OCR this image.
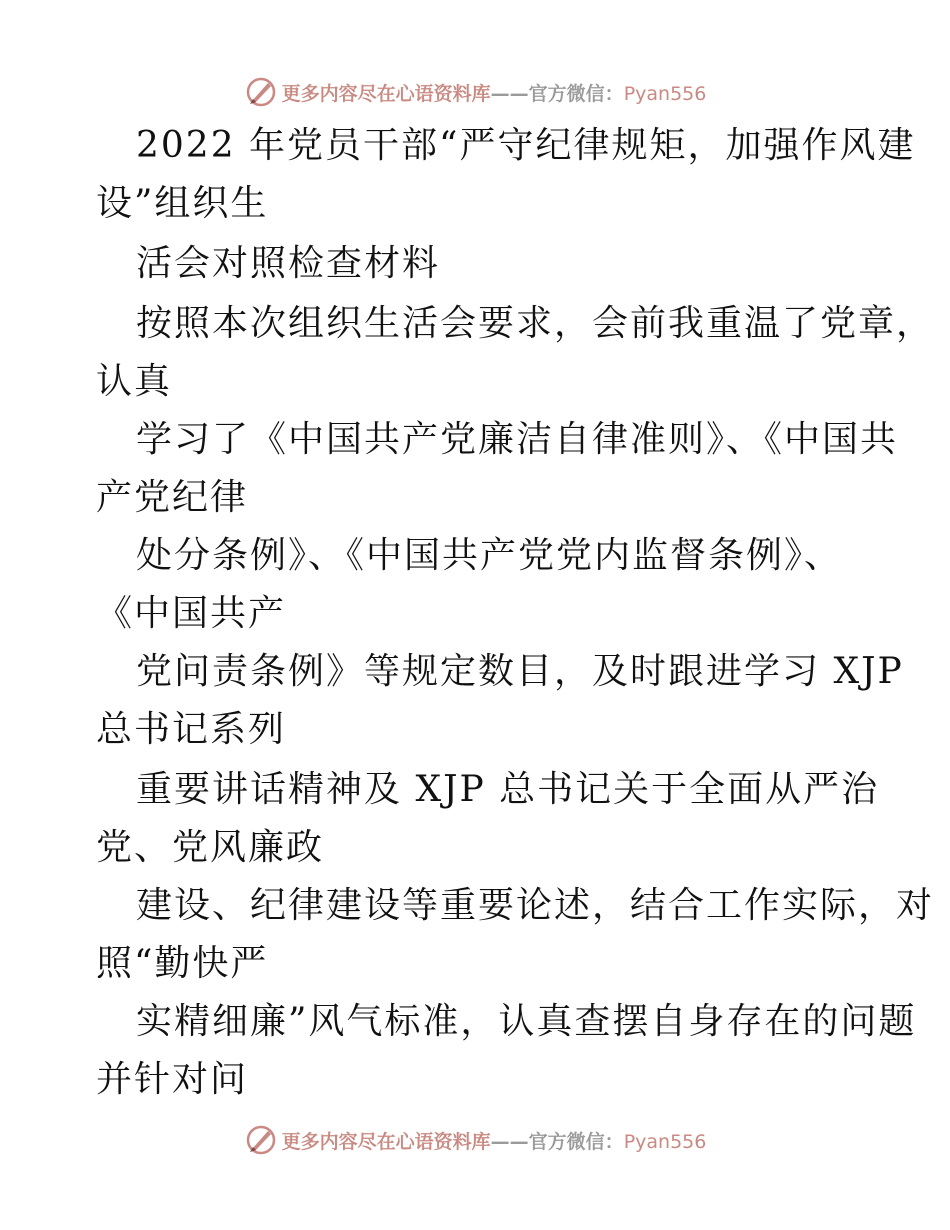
更多内容尽在心语资料库——官方微信：Pyan556
2022 年党员干部“严守纪律规矩，加强作风建
设”组织生
活会对照检查材料
按照本次组织生活会要求，会前我重温了党章，
认真
学习了《中国共产党廉洁自律准则》、《中国共
产党纪律
处分条例》、《中国共产党党内监督条例》、
《中国共产
党问责条例》等规定数目，及时跟进学习 XJP
总书记系列
重要讲话精神及 XJP 总书记关于全面从严治
党、党风廉政
建设、纪律建设等重要论述，结合工作实际，对
照“勤快严
实精细廉”风气标准，认真查摆自身存在的问题
并针对问
更多内容尽在心语资料库——官方微信：Pyan556
